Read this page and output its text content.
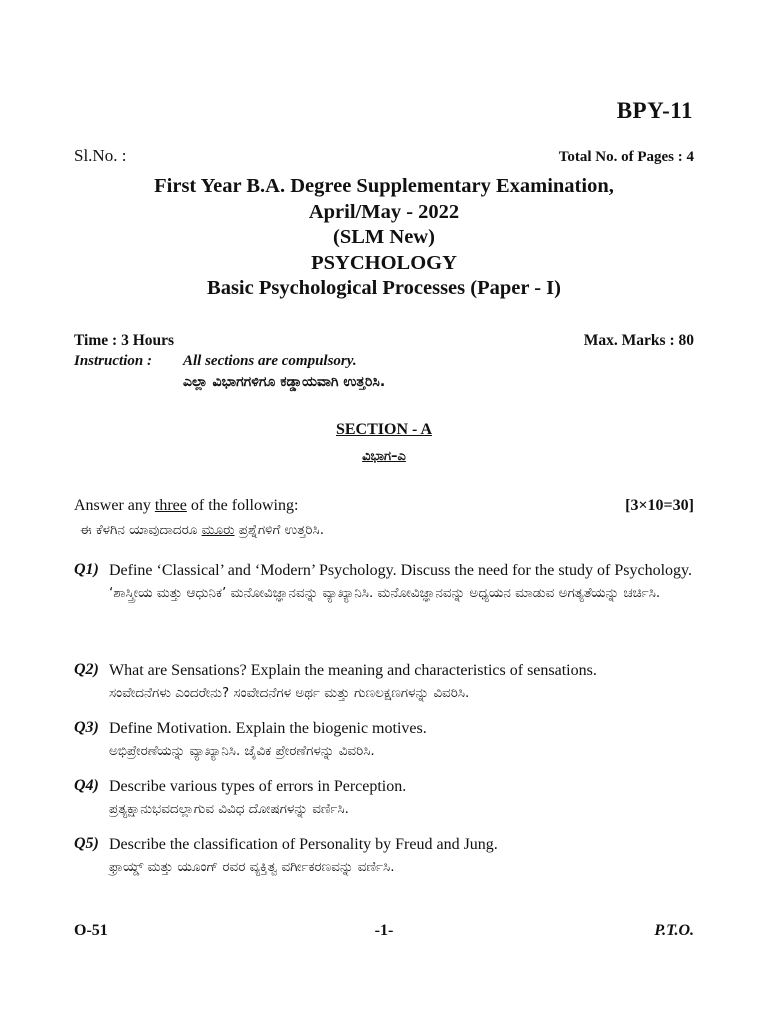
BPY-11
Sl.No. :	Total No. of Pages : 4
First Year B.A. Degree Supplementary Examination,
April/May - 2022
(SLM New)
PSYCHOLOGY
Basic Psychological Processes (Paper - I)
Time : 3 Hours	Max. Marks : 80
Instruction : All sections are compulsory.
ಎಲ್ಲಾ ವಿಭಾಗಗಳಿಗೂ ಕಡ್ಡಾಯವಾಗಿ ಉತ್ತರಿಸಿ.
SECTION - A
ವಿಭಾಗ–ಎ
Answer any three of the following:	[3×10=30]
ಈ ಕೆಳಗಿನ ಯಾವುದಾದರೂ ಮೂರು ಪ್ರಶ್ನೆಗಳಿಗೆ ಉತ್ತರಿಸಿ.
Q1) Define ‘Classical’ and ‘Modern’ Psychology. Discuss the need for the study of Psychology.
‘ಶಾಸ್ತ್ರೀಯ ಮತ್ತು ಆಧುನಿಕ’ ಮನೋವಿಜ್ಞಾನವನ್ನು ವ್ಯಾಖ್ಯಾನಿಸಿ. ಮನೋವಿಜ್ಞಾನವನ್ನು ಅಧ್ಯಯನ ಮಾಡುವ ಅಗತ್ಯತೆಯನ್ನು ಚರ್ಚಿಸಿ.
Q2) What are Sensations? Explain the meaning and characteristics of sensations.
ಸಂವೇದನೆಗಳು ಎಂದರೇನು? ಸಂವೇದನೆಗಳ ಅರ್ಥ ಮತ್ತು ಗುಣಲಕ್ಷಣಗಳನ್ನು ವಿವರಿಸಿ.
Q3) Define Motivation. Explain the biogenic motives.
ಅಭಿಪ್ರೇರಣೆಯನ್ನು ವ್ಯಾಖ್ಯಾನಿಸಿ. ಜೈವಿಕ ಪ್ರೇರಣೆಗಳನ್ನು ವಿವರಿಸಿ.
Q4) Describe various types of errors in Perception.
ಪ್ರತ್ಯಕ್ಷಾನುಭವದಲ್ಲಾಗುವ ವಿವಿಧ ದೋಷಗಳನ್ನು ವರ್ಣಿಸಿ.
Q5) Describe the classification of Personality by Freud and Jung.
ಫ್ರಾಯ್ಡ್ ಮತ್ತು ಯೂಂಗ್ ರವರ ವ್ಯಕ್ತಿತ್ವ ವರ್ಗೀಕರಣವನ್ನು ವರ್ಣಿಸಿ.
O-51	-1-	P.T.O.
